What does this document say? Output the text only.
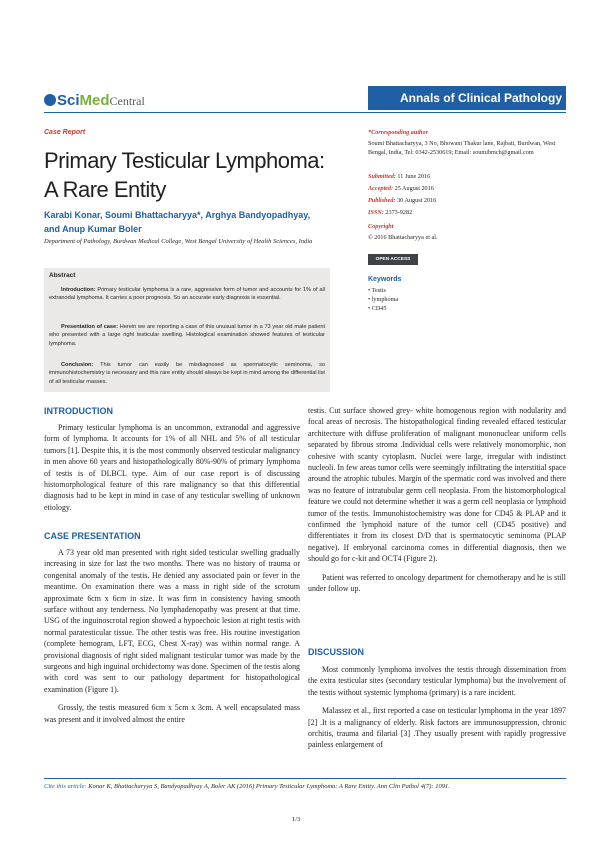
SciMedCentral	Annals of Clinical Pathology
Case Report
Primary Testicular Lymphoma:
A Rare Entity
Karabi Konar, Soumi Bhattacharyya*, Arghya Bandyopadhyay,
and Anup Kumar Boler
Department of Pathology, Burdwan Medical College, West Bengal University of Health Sciences, India
Abstract
Introduction: Primary testicular lymphoma is a rare, aggressive form of tumor and accounts for 1% of all extranodal lymphoma. It carries a poor prognosis. So an accurate early diagnosis is essential.
Presentation of case: Herein we are reporting a case of this unusual tumor in a 73 year old male patient who presented with a large right testicular swelling. Histological examination showed features of testicular lymphoma.
Conclusion: This tumor can easily be misdiagnosed as spermatocytic seminoma, so immunohistochemistry is necessary and this rare entity should always be kept in mind among the differential list of all testicular masses.
*Corresponding author
Soumi Bhattacharyya, 3 No, Bhowani Thakur lane, Rajbati, Burdwan, West Bengal, India, Tel: 0342-2530619; Email: soumibmch@gmail.com
Submitted: 11 June 2016
Accepted: 25 August 2016
Published: 30 August 2016
ISSN: 2373-9282
Copyright
© 2016 Bhattacharyya et al.
OPEN ACCESS
Keywords
• Testis
• lymphoma
• CD45
INTRODUCTION

Primary testicular lymphoma is an uncommon, extranodal and aggressive form of lymphoma. It accounts for 1% of all NHL and 5% of all testicular tumors [1]. Despite this, it is the most commonly observed testicular malignancy in men above 60 years and histopathologically 80%-90% of primary lymphoma of testis is of DLBCL type. Aim of our case report is of discussing histomorphological feature of this rare malignancy so that this differential diagnosis had to be kept in mind in case of any testicular swelling of unknown etiology.

CASE PRESENTATION

A 73 year old man presented with right sided testicular swelling gradually increasing in size for last the two months. There was no history of trauma or congenital anomaly of the testis. He denied any associated pain or fever in the meantime. On examination there was a mass in right side of the scrotum approximate 6cm x 6cm in size. It was firm in consistency having smooth surface without any tenderness. No lymphadenopathy was present at that time. USG of the inguinoscrotal region showed a hypoechoic lesion at right testis with normal paratesticular tissue. The other testis was free. His routine investigation (complete hemogram, LFT, ECG, Chest X-ray) was within normal range. A provisional diagnosis of right sided malignant testicular tumor was made by the surgeons and high inguinal orchidectomy was done. Specimen of the testis along with cord was sent to our pathology department for histopathological examination (Figure 1).

Grossly, the testis measured 6cm x 5cm x 3cm. A well encapsulated mass was present and it involved almost the entire

testis. Cut surface showed grey- white homogenous region with nodularity and focal areas of necrosis. The histopathological finding revealed effaced testicular architecture with diffuse proliferation of malignant mononuclear uniform cells separated by fibrous stroma .Individual cells were relatively monomorphic, non cohesive with scanty cytoplasm. Nuclei were large, irregular with indistinct nucleoli. In few areas tumor cells were seemingly infiltrating the interstitial space around the atrophic tubules. Margin of the spermatic cord was involved and there was no feature of intratubular germ cell neoplasia. From the histomorphological feature we could not determine whether it was a germ cell neoplasia or lymphoid tumor of the testis. Immunohistochemistry was done for CD45 & PLAP and it confirmed the lymphoid nature of the tumor cell (CD45 positive) and differentiates it from its closest D/D that is spermatocytic seminoma (PLAP negative). If embryonal carcinoma comes in differential diagnosis, then we should go for c-kit and OCT4 (Figure 2).

Patient was referred to oncology department for chemotherapy and he is still under follow up.

DISCUSSION

Most commonly lymphoma involves the testis through dissemination from the extra testicular sites (secondary testicular lymphoma) but the involvement of the testis without systemic lymphoma (primary) is a rare incident.

Malassez et al., first reported a case on testicular lymphoma in the year 1897 [2] .It is a malignancy of elderly. Risk factors are immunosuppression, chronic orchitis, trauma and filarial [3] .They usually present with rapidly progressive painless enlargement of

Cite this article: Konar K, Bhattacharyya S, Bandyopadhyay A, Boler AK (2016) Primary Testicular Lymphoma: A Rare Entity. Ann Clin Pathol 4(7): 1091.
1/3
